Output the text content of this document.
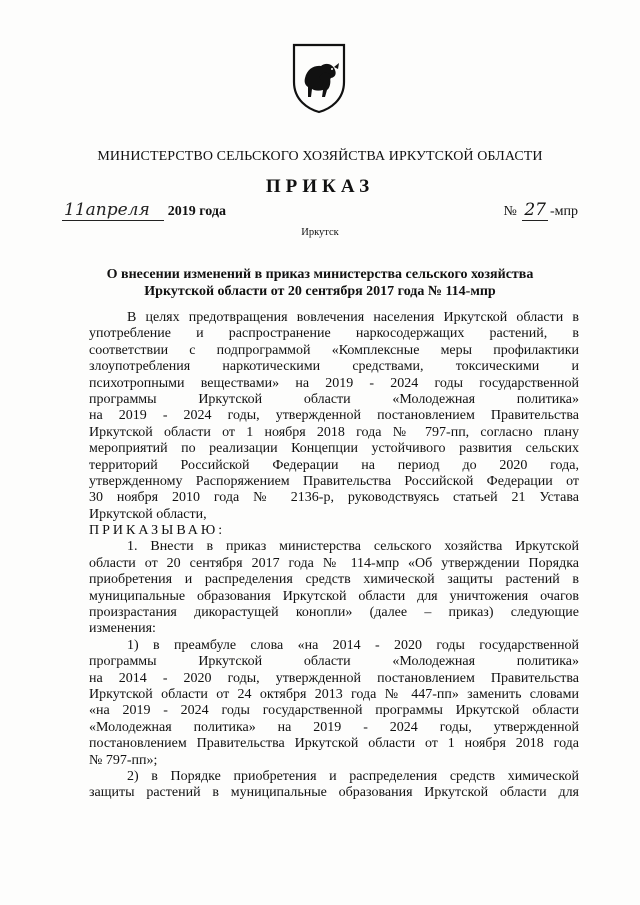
МИНИСТЕРСТВО СЕЛЬСКОГО ХОЗЯЙСТВА ИРКУТСКОЙ ОБЛАСТИ
ПРИКАЗ
11апреля 2019 года	№ 27 -мпр
Иркутск
О внесении изменений в приказ министерства сельского хозяйства
Иркутской области от 20 сентября 2017 года № 114-мпр
В целях предотвращения вовлечения населения Иркутской области в
употребление и распространение наркосодержащих растений, в
соответствии с подпрограммой «Комплексные меры профилактики
злоупотребления наркотическими средствами, токсическими и
психотропными веществами» на 2019 - 2024 годы государственной
программы Иркутской области «Молодежная политика»
на 2019 - 2024 годы, утвержденной постановлением Правительства
Иркутской области от 1 ноября 2018 года № 797-пп, согласно плану
мероприятий по реализации Концепции устойчивого развития сельских
территорий Российской Федерации на период до 2020 года,
утвержденному Распоряжением Правительства Российской Федерации от
30 ноября 2010 года № 2136-р, руководствуясь статьей 21 Устава
Иркутской области,
ПРИКАЗЫВАЮ:
1. Внести в приказ министерства сельского хозяйства Иркутской
области от 20 сентября 2017 года № 114-мпр «Об утверждении Порядка
приобретения и распределения средств химической защиты растений в
муниципальные образования Иркутской области для уничтожения очагов
произрастания дикорастущей конопли» (далее – приказ) следующие
изменения:
1) в преамбуле слова «на 2014 - 2020 годы государственной
программы Иркутской области «Молодежная политика»
на 2014 - 2020 годы, утвержденной постановлением Правительства
Иркутской области от 24 октября 2013 года № 447-пп» заменить словами
«на 2019 - 2024 годы государственной программы Иркутской области
«Молодежная политика» на 2019 - 2024 годы, утвержденной
постановлением Правительства Иркутской области от 1 ноября 2018 года
№ 797-пп»;
2) в Порядке приобретения и распределения средств химической
защиты растений в муниципальные образования Иркутской области для
